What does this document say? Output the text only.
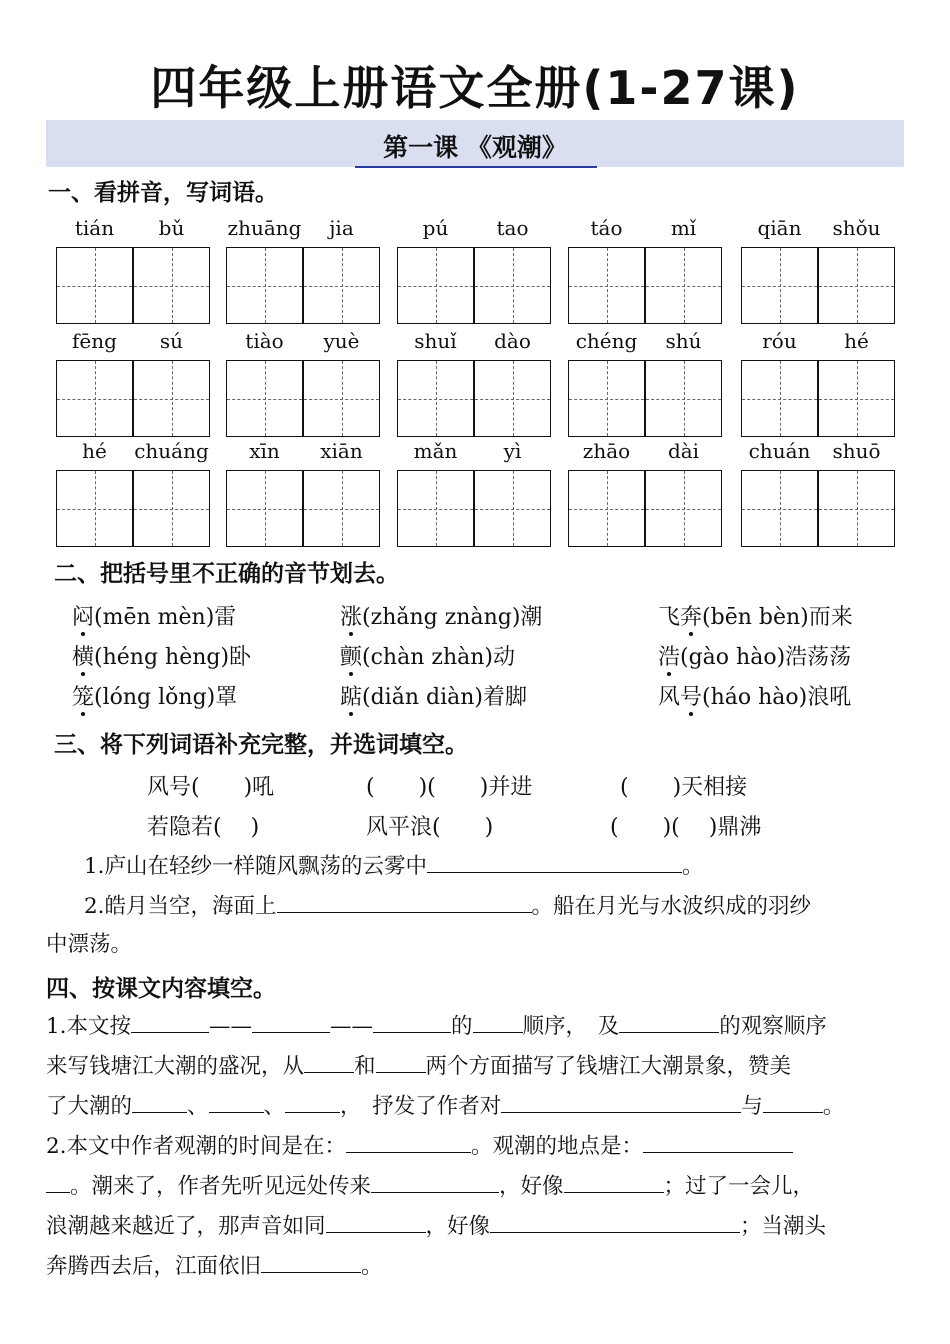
四年级上册语文全册(1-27课)
第一课 《观潮》
一、看拼音，写词语。
tián	bǔ	zhuāng	jia	pú	tao	táo	mǐ	qiān	shǒu
fēng	sú	tiào	yuè	shuǐ	dào	chéng	shú	róu	hé
hé	chuáng	xīn	xiān	mǎn	yì	zhāo	dài	chuán	shuō
二、把括号里不正确的音节划去。
闷(mēn mèn)雷	涨(zhǎng znàng)潮	飞奔(bēn bèn)而来
横(héng hèng)卧	颤(chàn zhàn)动	浩(gào hào)浩荡荡
笼(lóng lǒng)罩	踮(diǎn diàn)着脚	风号(háo hào)浪吼
三、将下列词语补充完整，并选词填空。
风号(　　)吼	(　　)(　　)并进	(　　)天相接
若隐若(　 )	风平浪(　　)	(　　)(　 )鼎沸
1.庐山在轻纱一样随风飘荡的云雾中	。
2.皓月当空，海面上	。船在月光与水波织成的羽纱
中漂荡。
四、按课文内容填空。
1.本文按	——	——	的 顺序，　及	的观察顺序
来写钱塘江大潮的盛况，从 和 两个方面描写了钱塘江大潮景象，赞美
了大潮的	、	、	，　抒发了作者对	与	。
2.本文中作者观潮的时间是在：	。观潮的地点是：
。潮来了，作者先听见远处传来	，好像	；过了一会儿，
浪潮越来越近了，那声音如同	，好像	；当潮头
奔腾西去后，江面依旧	。
